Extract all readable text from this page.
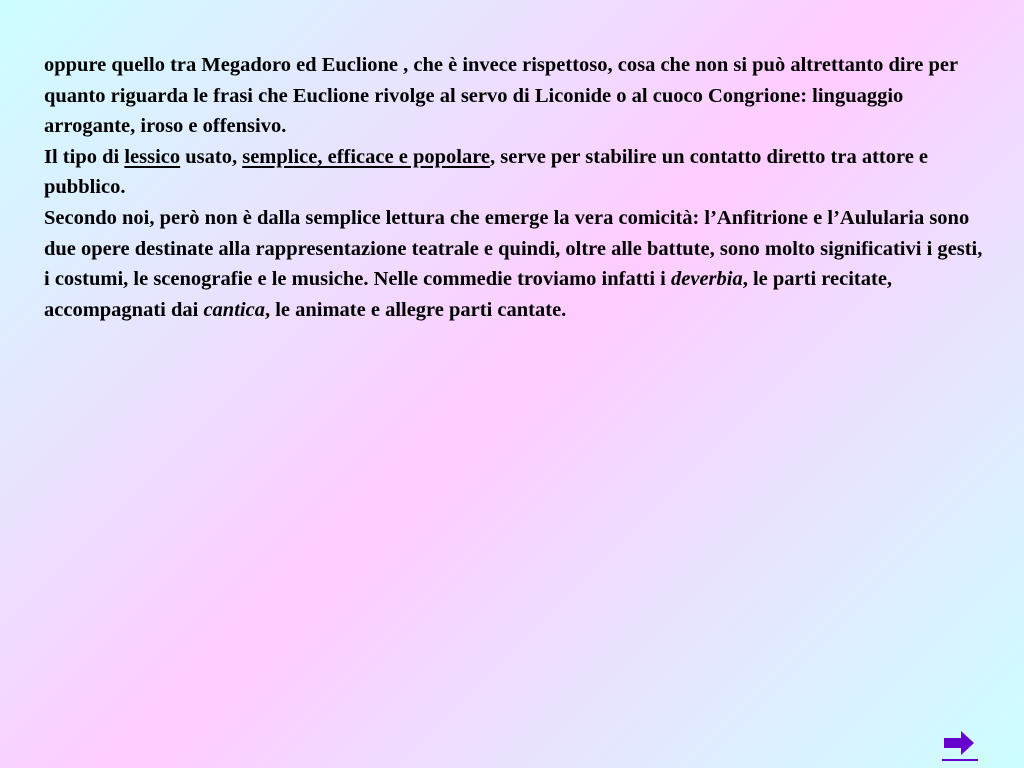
oppure quello tra Megadoro ed Euclione , che è invece rispettoso, cosa che non si può altrettanto dire per quanto riguarda le frasi che Euclione rivolge al servo di Liconide o al cuoco Congrione: linguaggio arrogante, iroso e offensivo.

Il tipo di lessico usato, semplice, efficace e popolare, serve per stabilire un contatto diretto tra attore e pubblico.

Secondo noi, però non è dalla semplice lettura che emerge la vera comicità: l’Anfitrione e l’Aulularia sono due opere destinate alla rappresentazione teatrale e quindi, oltre alle battute, sono molto significativi i gesti, i costumi, le scenografie e le musiche. Nelle commedie troviamo infatti i deverbia, le parti recitate, accompagnati dai cantica, le animate e allegre parti cantate.
